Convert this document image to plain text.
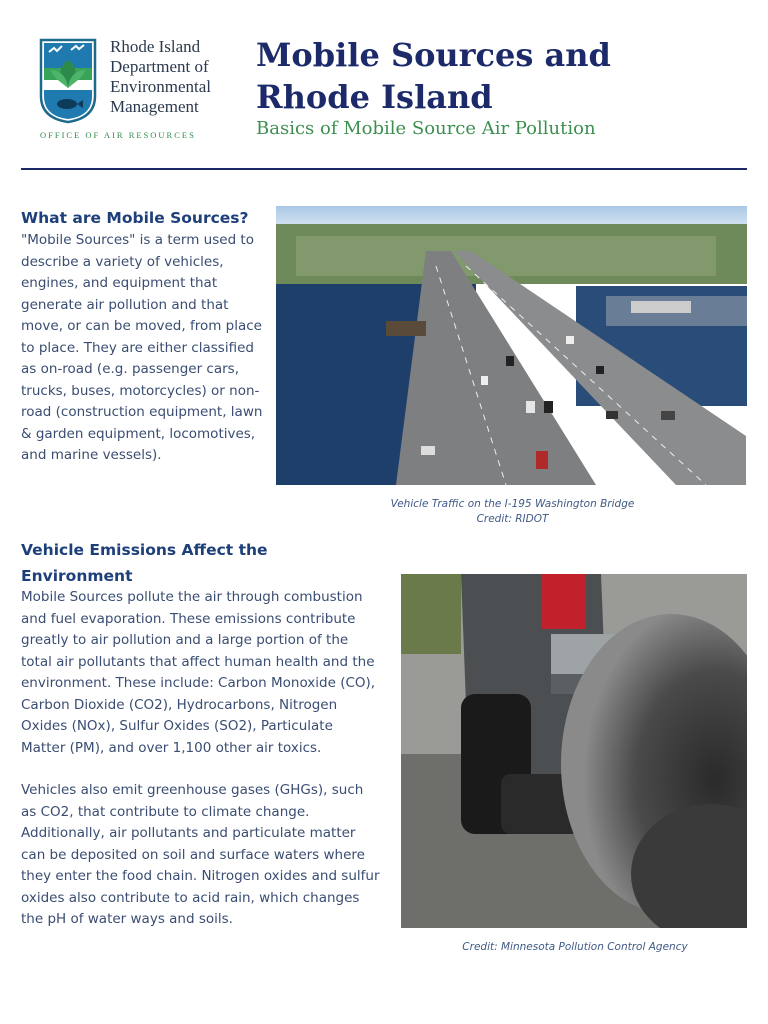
Rhode Island
Department of
Environmental
Management
OFFICE OF AIR RESOURCES
Mobile Sources and
Rhode Island
Basics of Mobile Source Air Pollution
What are Mobile Sources?

"Mobile Sources" is a term used to describe a variety of vehicles, engines, and equipment that generate air pollution and that move, or can be moved, from place to place. They are either classified as on-road (e.g. passenger cars, trucks, buses, motorcycles) or non-road (construction equipment, lawn & garden equipment, locomotives, and marine vessels).

Vehicle Traffic on the I-195 Washington Bridge
Credit: RIDOT
Vehicle Emissions Affect the Environment

Mobile Sources pollute the air through combustion and fuel evaporation. These emissions contribute greatly to air pollution and a large portion of the total air pollutants that affect human health and the environment. These include: Carbon Monoxide (CO), Carbon Dioxide (CO2), Hydrocarbons, Nitrogen Oxides (NOx), Sulfur Oxides (SO2), Particulate Matter (PM), and over 1,100 other air toxics.

Vehicles also emit greenhouse gases (GHGs), such as CO2, that contribute to climate change. Additionally, air pollutants and particulate matter can be deposited on soil and surface waters where they enter the food chain. Nitrogen oxides and sulfur oxides also contribute to acid rain, which changes the pH of water ways and soils.

Credit: Minnesota Pollution Control Agency
